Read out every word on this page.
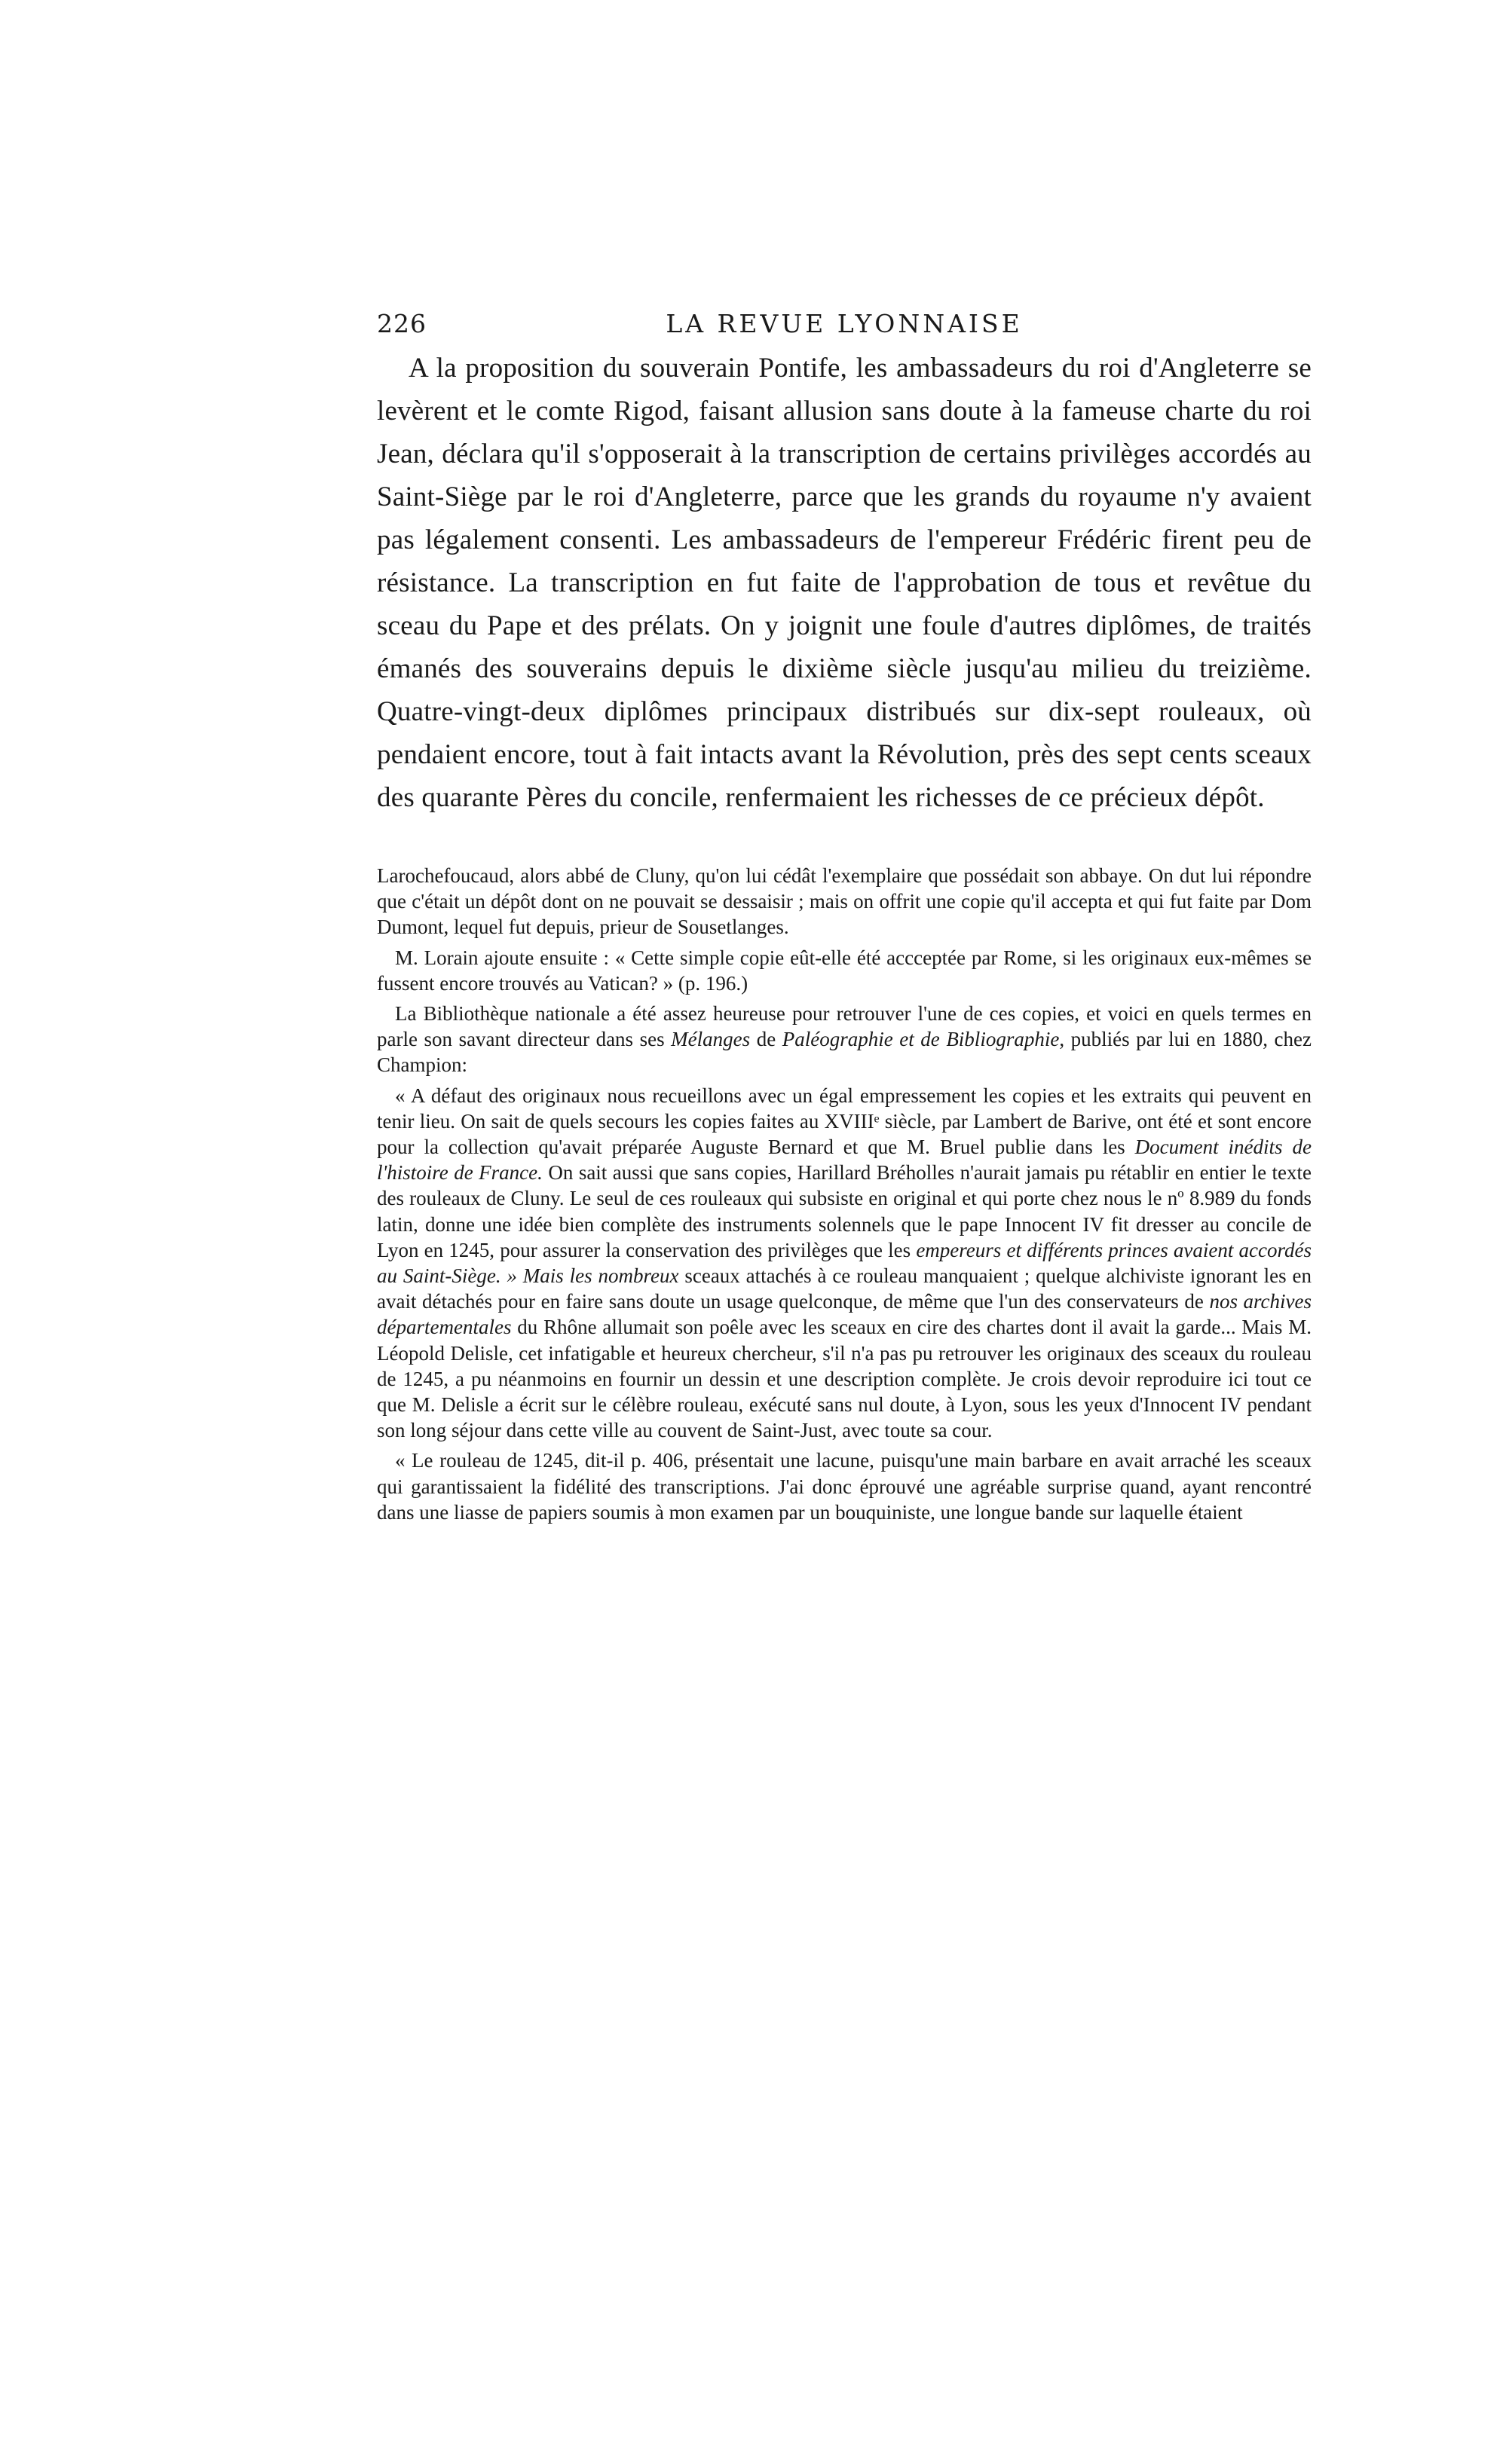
226	LA REVUE LYONNAISE

A la proposition du souverain Pontife, les ambassadeurs du roi d'Angleterre se levèrent et le comte Rigod, faisant allusion sans doute à la fameuse charte du roi Jean, déclara qu'il s'opposerait à la transcription de certains privilèges accordés au Saint-Siège par le roi d'Angleterre, parce que les grands du royaume n'y avaient pas légalement consenti. Les ambassadeurs de l'empereur Frédéric firent peu de résistance. La transcription en fut faite de l'approbation de tous et revêtue du sceau du Pape et des prélats. On y joignit une foule d'autres diplômes, de traités émanés des souverains depuis le dixième siècle jusqu'au milieu du treizième. Quatre-vingt-deux diplômes principaux distribués sur dix-sept rouleaux, où pendaient encore, tout à fait intacts avant la Révolution, près des sept cents sceaux des quarante Pères du concile, renfermaient les richesses de ce précieux dépôt.

Larochefoucaud, alors abbé de Cluny, qu'on lui cédât l'exemplaire que possédait son abbaye. On dut lui répondre que c'était un dépôt dont on ne pouvait se dessaisir ; mais on offrit une copie qu'il accepta et qui fut faite par Dom Dumont, lequel fut depuis, prieur de Sousetlanges.

M. Lorain ajoute ensuite : « Cette simple copie eût-elle été accceptée par Rome, si les originaux eux-mêmes se fussent encore trouvés au Vatican? » (p. 196.)

La Bibliothèque nationale a été assez heureuse pour retrouver l'une de ces copies, et voici en quels termes en parle son savant directeur dans ses Mélanges de Paléographie et de Bibliographie, publiés par lui en 1880, chez Champion:

« A défaut des originaux nous recueillons avec un égal empressement les copies et les extraits qui peuvent en tenir lieu. On sait de quels secours les copies faites au XVIIIᵉ siècle, par Lambert de Barive, ont été et sont encore pour la collection qu'avait préparée Auguste Bernard et que M. Bruel publie dans les Document inédits de l'histoire de France. On sait aussi que sans copies, Harillard Bréholles n'aurait jamais pu rétablir en entier le texte des rouleaux de Cluny. Le seul de ces rouleaux qui subsiste en original et qui porte chez nous le nº 8.989 du fonds latin, donne une idée bien complète des instruments solennels que le pape Innocent IV fit dresser au concile de Lyon en 1245, pour assurer la conservation des privilèges que les empereurs et différents princes avaient accordés au Saint-Siège. » Mais les nombreux sceaux attachés à ce rouleau manquaient ; quelque alchiviste ignorant les en avait détachés pour en faire sans doute un usage quelconque, de même que l'un des conservateurs de nos archives départementales du Rhône allumait son poêle avec les sceaux en cire des chartes dont il avait la garde... Mais M. Léopold Delisle, cet infatigable et heureux chercheur, s'il n'a pas pu retrouver les originaux des sceaux du rouleau de 1245, a pu néanmoins en fournir un dessin et une description complète. Je crois devoir reproduire ici tout ce que M. Delisle a écrit sur le célèbre rouleau, exécuté sans nul doute, à Lyon, sous les yeux d'Innocent IV pendant son long séjour dans cette ville au couvent de Saint-Just, avec toute sa cour.

« Le rouleau de 1245, dit-il p. 406, présentait une lacune, puisqu'une main barbare en avait arraché les sceaux qui garantissaient la fidélité des transcriptions. J'ai donc éprouvé une agréable surprise quand, ayant rencontré dans une liasse de papiers soumis à mon examen par un bouquiniste, une longue bande sur laquelle étaient
